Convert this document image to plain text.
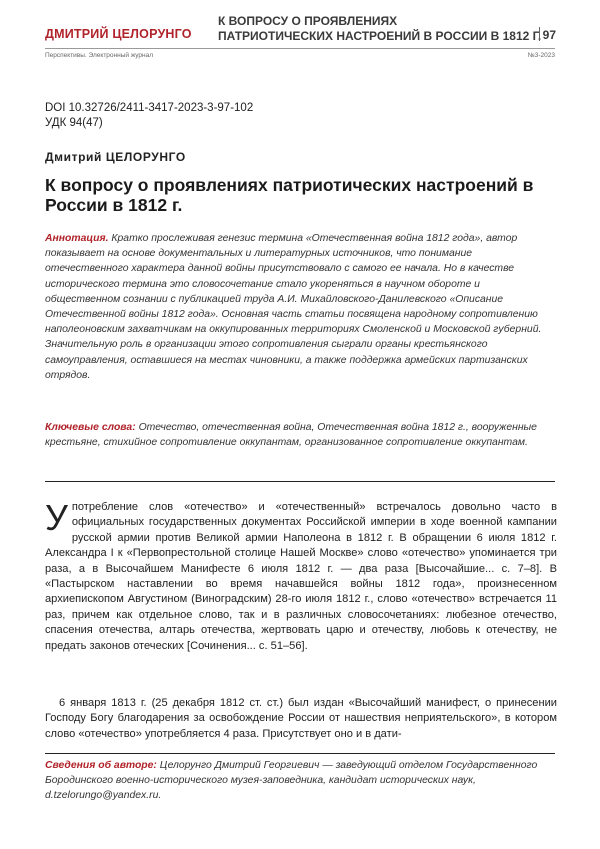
ДМИТРИЙ ЦЕЛОРУНГО
К ВОПРОСУ О ПРОЯВЛЕНИЯХ
ПАТРИОТИЧЕСКИХ НАСТРОЕНИЙ В РОССИИ В 1812 Г. 97
Перспективы. Электронный журнал	№3-2023
DOI 10.32726/2411-3417-2023-3-97-102
УДК 94(47)
Дмитрий ЦЕЛОРУНГО
К вопросу о проявлениях патриотических настроений в России в 1812 г.
Аннотация. Кратко прослеживая генезис термина «Отечественная война 1812 года», автор показывает на основе документальных и литературных источников, что понимание отечественного характера данной войны присутствовало с самого ее начала. Но в качестве исторического термина это словосочетание стало укореняться в научном обороте и общественном сознании с публикацией труда А.И. Михайловского-Данилевского «Описание Отечественной войны 1812 года». Основная часть статьи посвящена народному сопротивлению наполеоновским захватчикам на оккупированных территориях Смоленской и Московской губерний. Значительную роль в организации этого сопротивления сыграли органы крестьянского самоуправления, оставшиеся на местах чиновники, а также поддержка армейских партизанских отрядов.
Ключевые слова: Отечество, отечественная война, Отечественная война 1812 г., вооруженные крестьяне, стихийное сопротивление оккупантам, организованное сопротивление оккупантам.
У потребление слов «отечество» и «отечественный» встречалось довольно часто в официальных государственных документах Российской империи в ходе военной кампании русской армии против Великой армии Наполеона в 1812 г. В обращении 6 июля 1812 г. Александра I к «Первопрестольной столице Нашей Москве» слово «отечество» упоминается три раза, а в Высочайшем Манифесте 6 июля 1812 г. — два раза [Высочайшие... с. 7–8]. В «Пастырском наставлении во время начавшейся войны 1812 года», произнесенном архиепископом Августином (Виноградским) 28-го июля 1812 г., слово «отечество» встречается 11 раз, причем как отдельное слово, так и в различных словосочетаниях: любезное отечество, спасения отечества, алтарь отечества, жертвовать царю и отечеству, любовь к отечеству, не предать законов отеческих [Сочинения... с. 51–56].
6 января 1813 г. (25 декабря 1812 ст. ст.) был издан «Высочайший манифест, о принесении Господу Богу благодарения за освобождение России от нашествия неприятельского», в котором слово «отечество» употребляется 4 раза. Присутствует оно и в дати-
Сведения об авторе: Целорунго Дмитрий Георгиевич — заведующий отделом Государственного Бородинского военно-исторического музея-заповедника, кандидат исторических наук, d.tzelorungo@yandex.ru.
